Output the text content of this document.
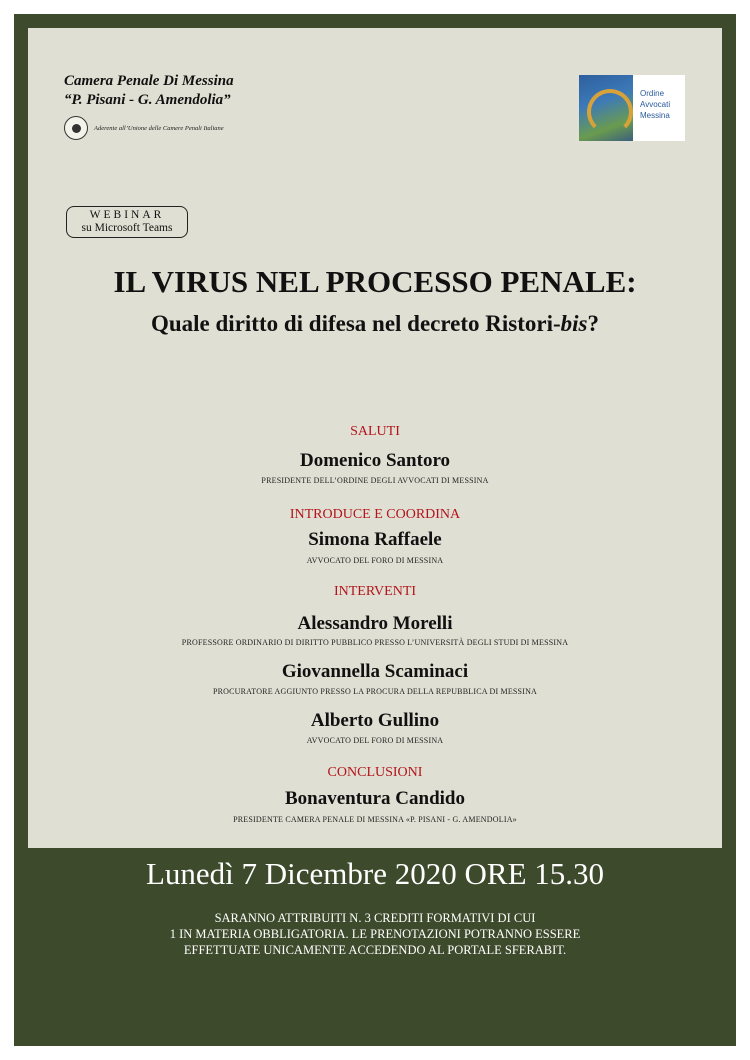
Camera Penale Di Messina
“P. Pisani - G. Amendolia”
Aderente all’Unione delle Camere Penali Italiane
Ordine
Avvocati
Messina
WEBINAR
su Microsoft Teams
IL VIRUS NEL PROCESSO PENALE:
Quale diritto di difesa nel decreto Ristori-bis?
SALUTI
Domenico Santoro
PRESIDENTE DELL’ORDINE DEGLI AVVOCATI DI MESSINA
INTRODUCE E COORDINA
Simona Raffaele
AVVOCATO DEL FORO DI MESSINA
INTERVENTI
Alessandro Morelli
PROFESSORE ORDINARIO DI DIRITTO PUBBLICO PRESSO L’UNIVERSITÀ DEGLI STUDI DI MESSINA
Giovannella Scaminaci
PROCURATORE AGGIUNTO PRESSO LA PROCURA DELLA REPUBBLICA DI MESSINA
Alberto Gullino
AVVOCATO DEL FORO DI MESSINA
CONCLUSIONI
Bonaventura Candido
PRESIDENTE CAMERA PENALE DI MESSINA «P. PISANI - G. AMENDOLIA»
Lunedì 7 Dicembre 2020 ORE 15.30
SARANNO ATTRIBUITI N. 3 CREDITI FORMATIVI DI CUI
1 IN MATERIA OBBLIGATORIA. LE PRENOTAZIONI POTRANNO ESSERE
EFFETTUATE UNICAMENTE ACCEDENDO AL PORTALE SFERABIT.
